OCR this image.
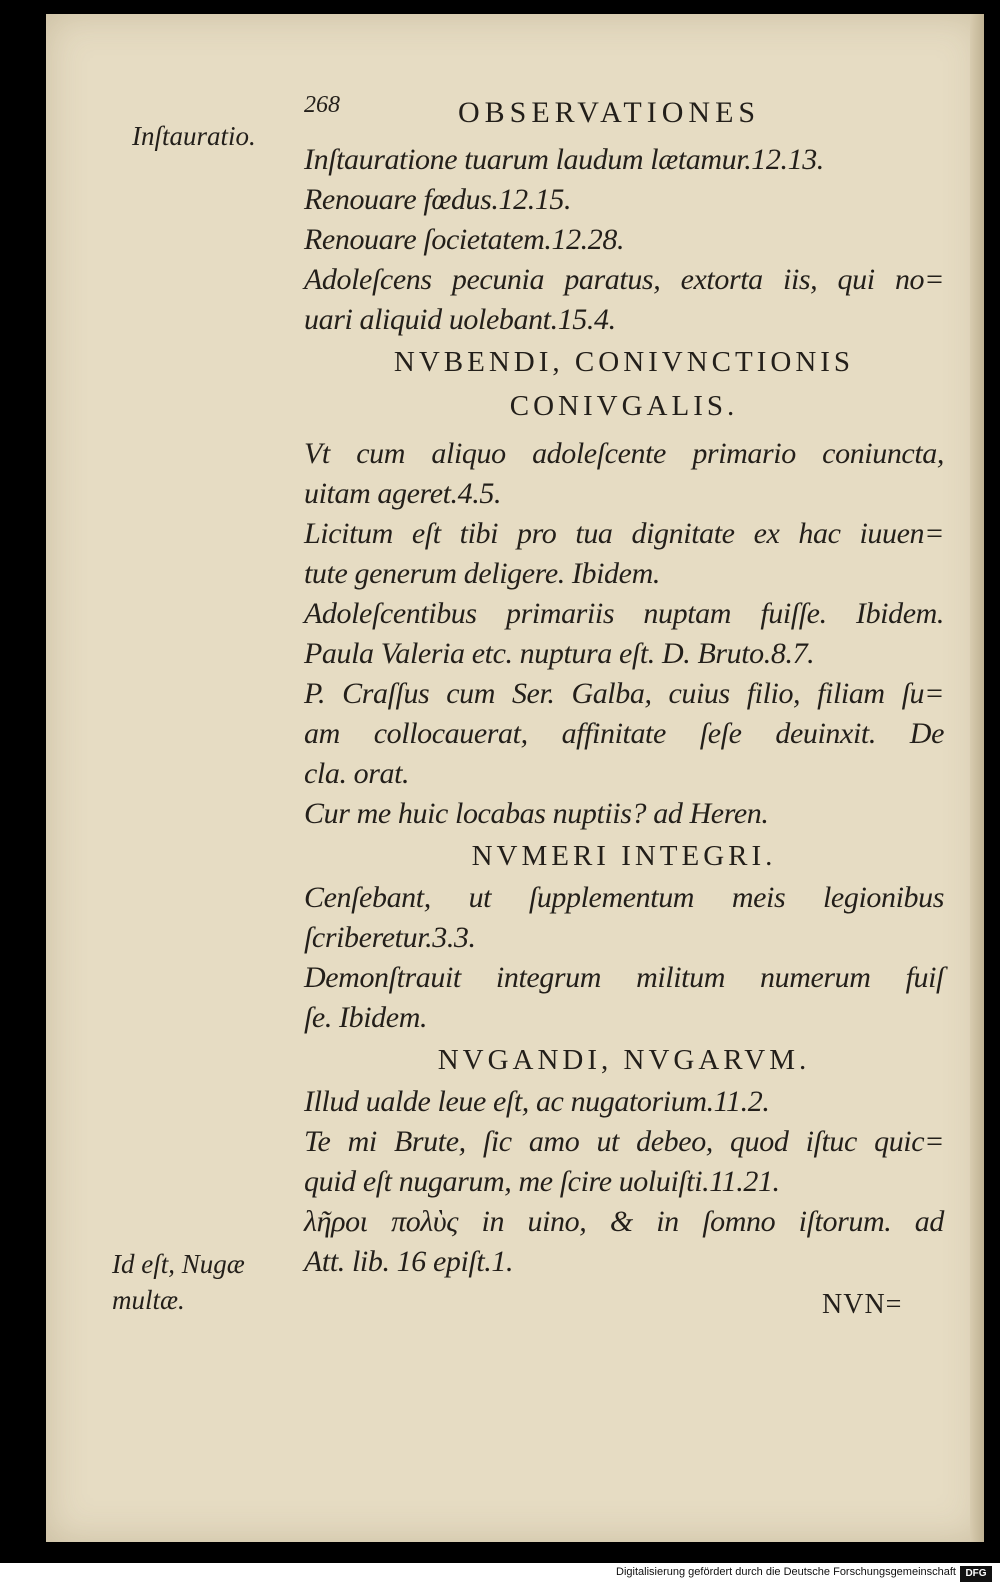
268	OBSERVATIONES
Inſtauratio.
Id eſt, Nugæ
multæ.
Inſtauratione tuarum laudum lætamur.12.13.
Renouare fœdus.12.15.
Renouare ſocietatem.12.28.
Adoleſcens pecunia paratus, extorta iis, qui no=
uari aliquid uolebant.15.4.
NVBENDI, CONIVNCTIONIS
CONIVGALIS.
Vt cum aliquo adoleſcente primario coniuncta,
uitam ageret.4.5.
Licitum eſt tibi pro tua dignitate ex hac iuuen=
tute generum deligere. Ibidem.
Adoleſcentibus primariis nuptam fuiſſe. Ibidem.
Paula Valeria etc. nuptura eſt. D. Bruto.8.7.
P. Craſſus cum Ser. Galba, cuius filio, filiam ſu=
am collocauerat, affinitate ſeſe deuinxit. De
cla. orat.
Cur me huic locabas nuptiis? ad Heren.
NVMERI INTEGRI.
Cenſebant, ut ſupplementum meis legionibus
ſcriberetur.3.3.
Demonſtrauit integrum militum numerum fuiſ
ſe. Ibidem.
NVGANDI, NVGARVM.
Illud ualde leue eſt, ac nugatorium.11.2.
Te mi Brute, ſic amo ut debeo, quod iſtuc quic=
quid eſt nugarum, me ſcire uoluiſti.11.21.
λῆροι πολὺς in uino, & in ſomno iſtorum. ad
Att. lib. 16 epiſt.1.
NVN=
Digitalisierung gefördert durch die Deutsche Forschungsgemeinschaft DFG
